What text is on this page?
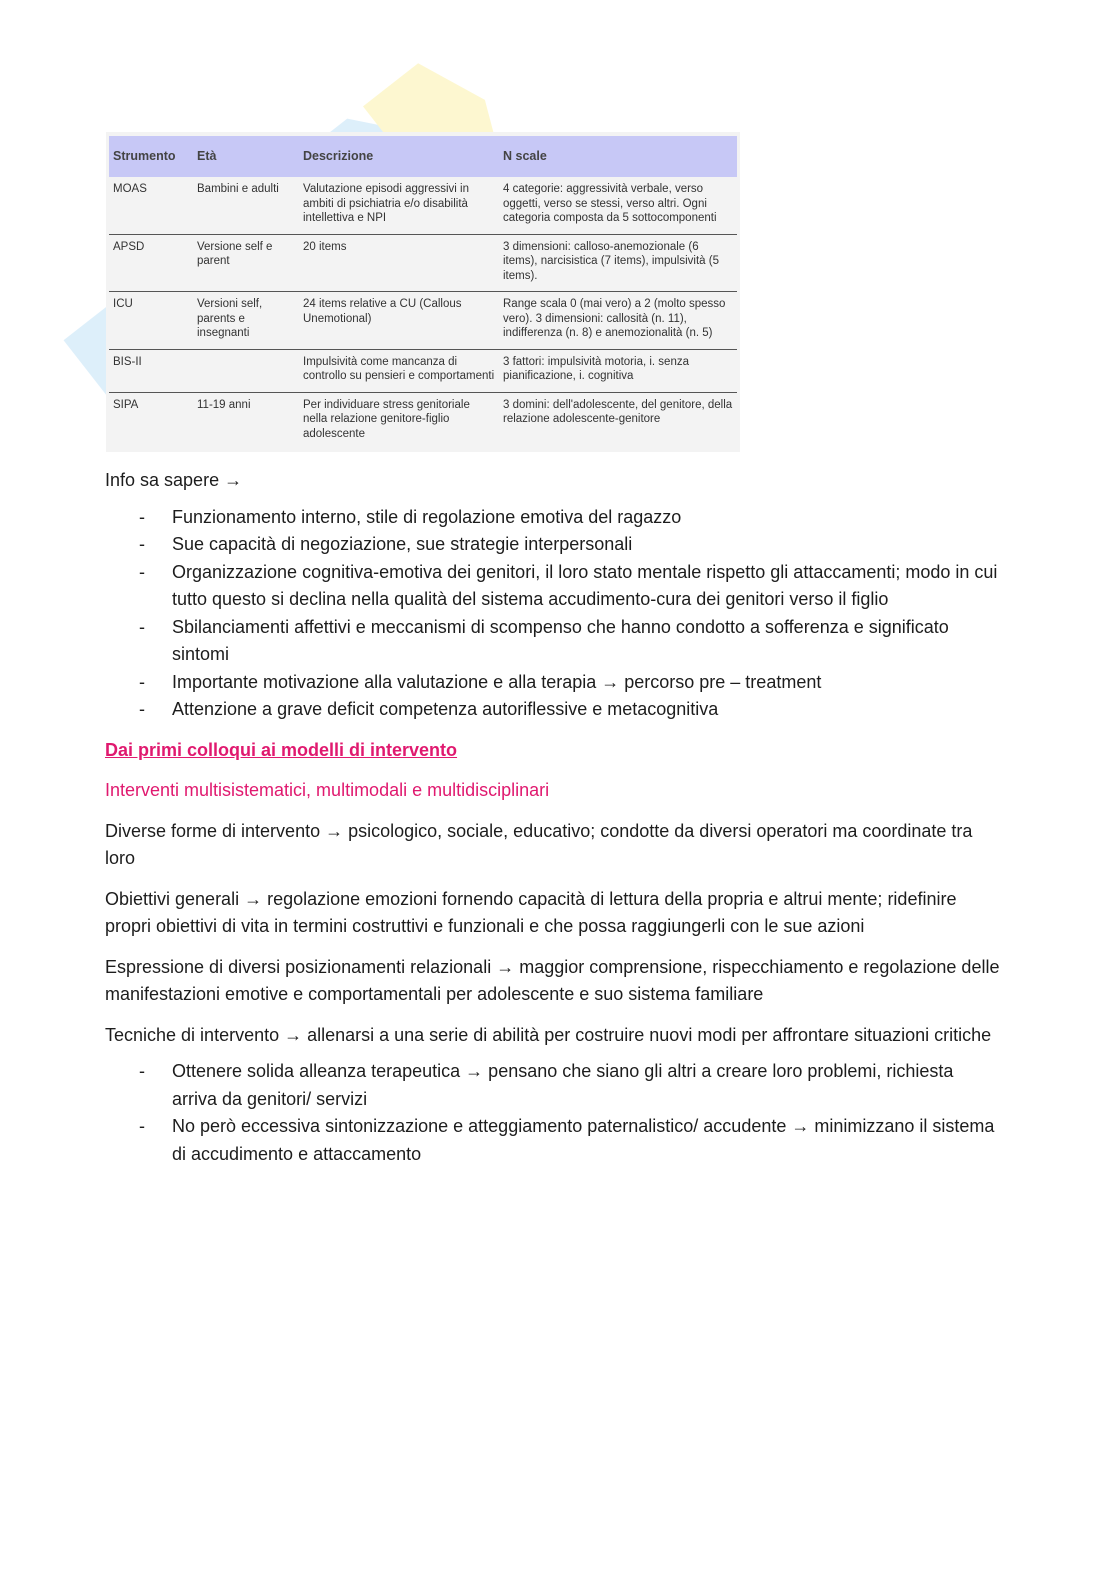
Strumento	Età	Descrizione	N scale
MOAS	Bambini e adulti	Valutazione episodi aggressivi in ambiti di psichiatria e/o disabilità intellettiva e NPI	4 categorie: aggressività verbale, verso oggetti, verso se stessi, verso altri. Ogni categoria composta da 5 sottocomponenti
APSD	Versione self e parent	20 items	3 dimensioni: calloso-anemozionale (6 items), narcisistica (7 items), impulsività (5 items).
ICU	Versioni self, parents e insegnanti	24 items relative a CU (Callous Unemotional)	Range scala 0 (mai vero) a 2 (molto spesso vero). 3 dimensioni: callosità (n. 11), indifferenza (n. 8) e anemozionalità (n. 5)
BIS-II		Impulsività come mancanza di controllo su pensieri e comportamenti	3 fattori: impulsività motoria, i. senza pianificazione, i. cognitiva
SIPA	11-19 anni	Per individuare stress genitoriale nella relazione genitore-figlio adolescente	3 domini: dell'adolescente, del genitore, della relazione adolescente-genitore

Info sa sapere →

- Funzionamento interno, stile di regolazione emotiva del ragazzo
- Sue capacità di negoziazione, sue strategie interpersonali
- Organizzazione cognitiva-emotiva dei genitori, il loro stato mentale rispetto gli attaccamenti; modo in cui tutto questo si declina nella qualità del sistema accudimento-cura dei genitori verso il figlio
- Sbilanciamenti affettivi e meccanismi di scompenso che hanno condotto a sofferenza e significato sintomi
- Importante motivazione alla valutazione e alla terapia → percorso pre – treatment
- Attenzione a grave deficit competenza autoriflessive e metacognitiva

Dai primi colloqui ai modelli di intervento

Interventi multisistematici, multimodali e multidisciplinari

Diverse forme di intervento → psicologico, sociale, educativo; condotte da diversi operatori ma coordinate tra loro

Obiettivi generali → regolazione emozioni fornendo capacità di lettura della propria e altrui mente; ridefinire propri obiettivi di vita in termini costruttivi e funzionali e che possa raggiungerli con le sue azioni

Espressione di diversi posizionamenti relazionali → maggior comprensione, rispecchiamento e regolazione delle manifestazioni emotive e comportamentali per adolescente e suo sistema familiare

Tecniche di intervento → allenarsi a una serie di abilità per costruire nuovi modi per affrontare situazioni critiche

- Ottenere solida alleanza terapeutica → pensano che siano gli altri a creare loro problemi, richiesta arriva da genitori/ servizi
- No però eccessiva sintonizzazione e atteggiamento paternalistico/ accudente → minimizzano il sistema di accudimento e attaccamento
